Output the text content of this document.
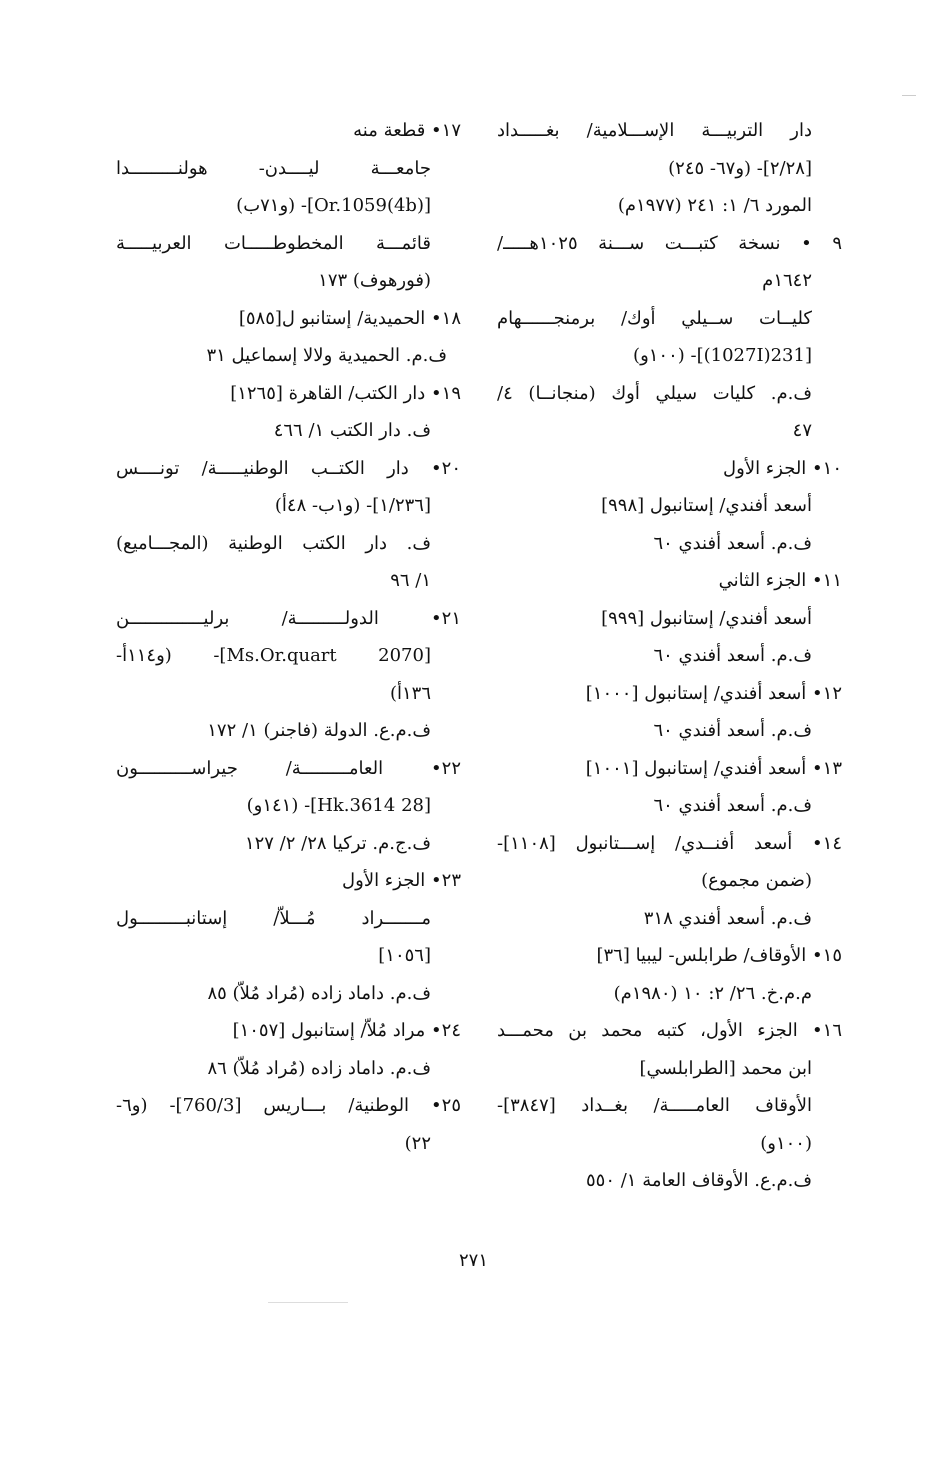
دار التربيـــة الإســـلامية/ بغـــــداد
[٢/٢٨]- (و٦٧- ٢٤٥)
المورد ٦/ ١: ٢٤١ (١٩٧٧م)
٩ • نسخة كتبـــت ســـنة ١٠٢٥هـــــ/
١٦٤٢م
كليــات ســيلي أوك/ برمنجــــــهام
[231(1027I)]- (١٠٠و)
ف.م. كليات سيلي أوك (منجانــا) ٤/
٤٧
١٠• الجزء الأول
أسعد أفندي/ إستانبول [٩٩٨]
ف.م. أسعد أفندي ٦٠
١١• الجزء الثاني
أسعد أفندي/ إستانبول [٩٩٩]
ف.م. أسعد أفندي ٦٠
١٢• أسعد أفندي/ إستانبول [١٠٠٠]
ف.م. أسعد أفندي ٦٠
١٣• أسعد أفندي/ إستانبول [١٠٠١]
ف.م. أسعد أفندي ٦٠
١٤• أسعد أفنــدي/ إســـتانبول [١١٠٨]-
(ضمن مجموع)
ف.م. أسعد أفندي ٣١٨
١٥• الأوقاف/ طرابلس- ليبيا [٣٦]
م.م.خ. ٢٦/ ٢: ١٠ (١٩٨٠م)
١٦• الجزء الأول، كتبه محمد بن محمـــد
ابن محمد [الطرابلسي]
الأوقاف العامـــــة/ بغــداد [٣٨٤٧]-
(١٠٠و)
ف.م.ع. الأوقاف العامة ١/ ٥٥٠
١٧• قطعة منه
جامعـــة ليــــدن- هولنـــــــــدا
[Or.1059(4b)]- (و٧١ب)
قائمـــة المخطوطـــــات العربيـــــة
(فورهوف) ١٧٣
١٨• الحميدية/ إستانبو ل[٥٨٥]
ف.م. الحميدية ولالا إسماعيل ٣١
١٩• دار الكتب/ القاهرة [١٢٦٥]
ف. دار الكتب ١/ ٤٦٦
٢٠• دار الكتــب الوطنيـــــة/ تونــــس
[١/٢٣٦]- (و١ب- ٤٨أ)
ف. دار الكتب الوطنية (المجـــاميع)
١/ ٩٦
٢١• الدولـــــــــة/ برليــــــــــــــن
[Ms.Or.quart 2070]- (و١١٤أ-
١٣٦أ)
ف.م.ع. الدولة (فاجنر) ١/ ١٧٢
٢٢• العامـــــــــة/ جيراســــــــــون
[28 Hk.3614]- (١٤١و)
ف.ج.م. تركيا ٢٨/ ٢/ ١٢٧
٢٣• الجزء الأول
مـــــــراد مُـــلاّ/ إستانبـــــــــول
[١٠٥٦]
ف.م. داماد زاده (مُراد مُلاّ) ٨٥
٢٤• مراد مُلاّ/ إستانبول [١٠٥٧]
ف.م. داماد زاده (مُراد مُلاّ) ٨٦
٢٥• الوطنية/ بـــاريس [760/3]- (و٦-
٢٢)
٢٧١
